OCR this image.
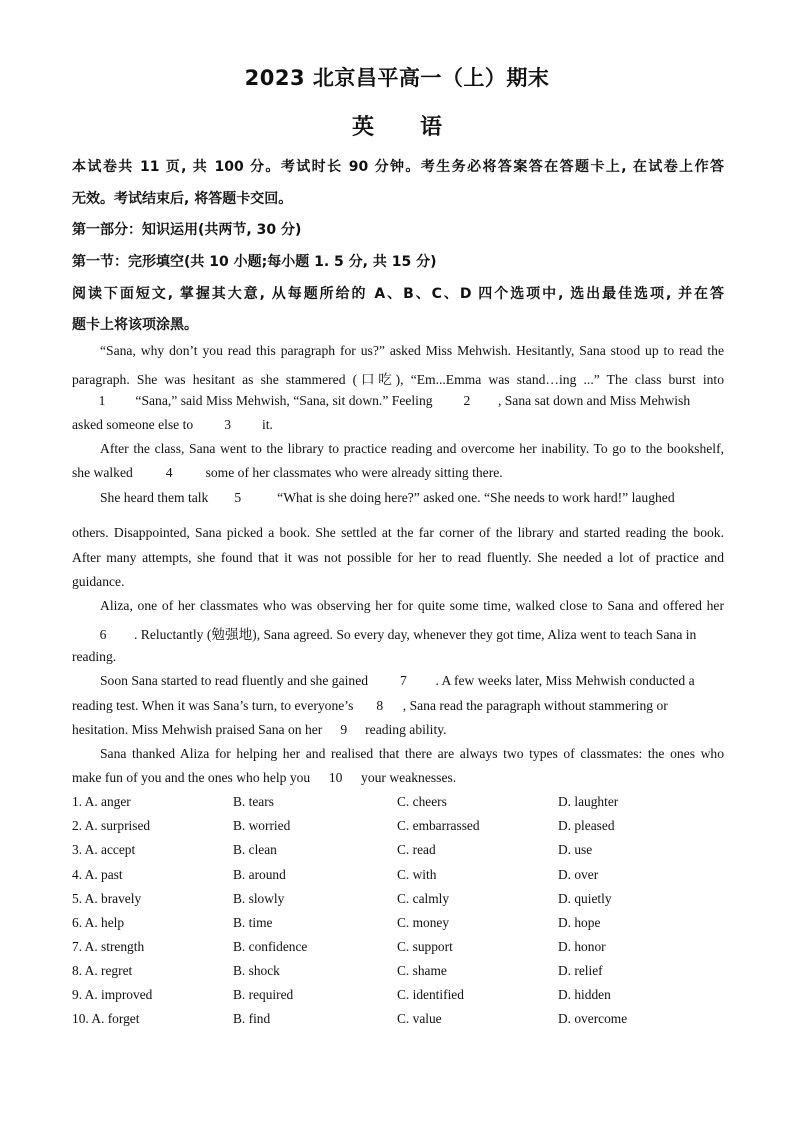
2023 北京昌平高一（上）期末
英 语
本试卷共 11 页, 共 100 分。考试时长 90 分钟。考生务必将答案答在答题卡上, 在试卷上作答
无效。考试结束后, 将答题卡交回。
第一部分：知识运用(共两节, 30 分)
第一节：完形填空(共 10 小题;每小题 1. 5 分, 共 15 分)
阅读下面短文, 掌握其大意, 从每题所给的 A、B、C、D 四个选项中, 选出最佳选项, 并在答
题卡上将该项涂黑。
“Sana, why don’t you read this paragraph for us?” asked Miss Mehwish. Hesitantly, Sana stood up to read the
paragraph. She was hesitant as she stammered (口吃), “Em...Emma was stand…ing ...” The class burst into
1 “Sana,” said Miss Mehwish, “Sana, sit down.” Feeling 2 , Sana sat down and Miss Mehwish
asked someone else to 3 it.
After the class, Sana went to the library to practice reading and overcome her inability. To go to the bookshelf,
she walked 4 some of her classmates who were already sitting there.
She heard them talk 5	“What is she doing here?” asked one. “She needs to work hard!” laughed
others. Disappointed, Sana picked a book. She settled at the far corner of the library and started reading the book.
After many attempts, she found that it was not possible for her to read fluently. She needed a lot of practice and
guidance.
Aliza, one of her classmates who was observing her for quite some time, walked close to Sana and offered her
6 . Reluctantly (勉强地), Sana agreed. So every day, whenever they got time, Aliza went to teach Sana in
reading.
Soon Sana started to read fluently and she gained 7 . A few weeks later, Miss Mehwish conducted a
reading test. When it was Sana’s turn, to everyone’s 8 , Sana read the paragraph without stammering or
hesitation. Miss Mehwish praised Sana on her 9 reading ability.
Sana thanked Aliza for helping her and realised that there are always two types of classmates: the ones who
make fun of you and the ones who help you 10 your weaknesses.
1. A. anger	B. tears	C. cheers	D. laughter
2. A. surprised	B. worried	C. embarrassed	D. pleased
3. A. accept	B. clean	C. read	D. use
4. A. past	B. around	C. with	D. over
5. A. bravely	B. slowly	C. calmly	D. quietly
6. A. help	B. time	C. money	D. hope
7. A. strength	B. confidence	C. support	D. honor
8. A. regret	B. shock	C. shame	D. relief
9. A. improved	B. required	C. identified	D. hidden
10. A. forget	B. find	C. value	D. overcome
